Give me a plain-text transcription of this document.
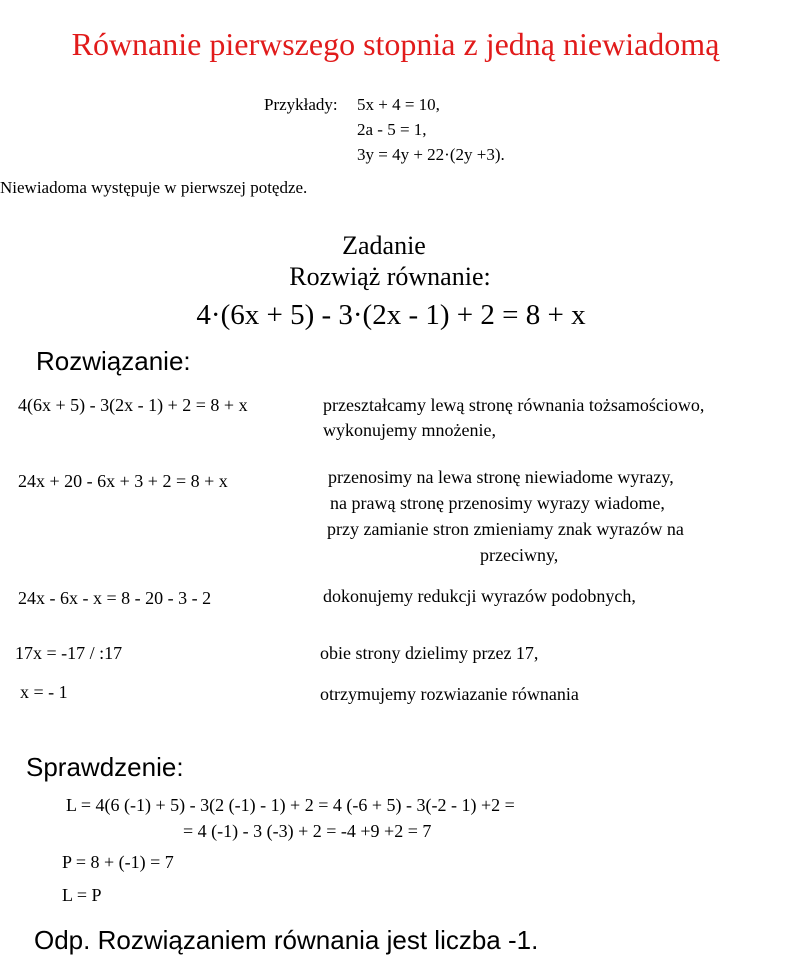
Równanie pierwszego stopnia z jedną niewiadomą
Przykłady: 5x + 4 = 10,
2a - 5 = 1,
3y = 4y + 22·(2y +3).
Niewiadoma występuje w pierwszej potędze.
Zadanie
Rozwiąż równanie:
4·(6x + 5) - 3·(2x - 1) + 2 = 8 + x
Rozwiązanie:
4(6x + 5) - 3(2x - 1) + 2 = 8 + x	przeształcamy lewą stronę równania tożsamościowo,
wykonujemy mnożenie,
24x + 20 - 6x + 3 + 2 = 8 + x	przenosimy na lewa stronę niewiadome wyrazy,
na prawą stronę przenosimy wyrazy wiadome,
przy zamianie stron zmieniamy znak wyrazów na
przeciwny,
24x - 6x - x = 8 - 20 - 3 - 2	dokonujemy redukcji wyrazów podobnych,
17x = -17 / :17	obie strony dzielimy przez 17,
x = - 1	otrzymujemy rozwiazanie równania
Sprawdzenie:
L = 4(6 (-1) + 5) - 3(2 (-1) - 1) + 2 = 4 (-6 + 5) - 3(-2 - 1) +2 =
= 4 (-1) - 3 (-3) + 2 = -4 +9 +2 = 7
P = 8 + (-1) = 7
L = P
Odp. Rozwiązaniem równania jest liczba -1.
